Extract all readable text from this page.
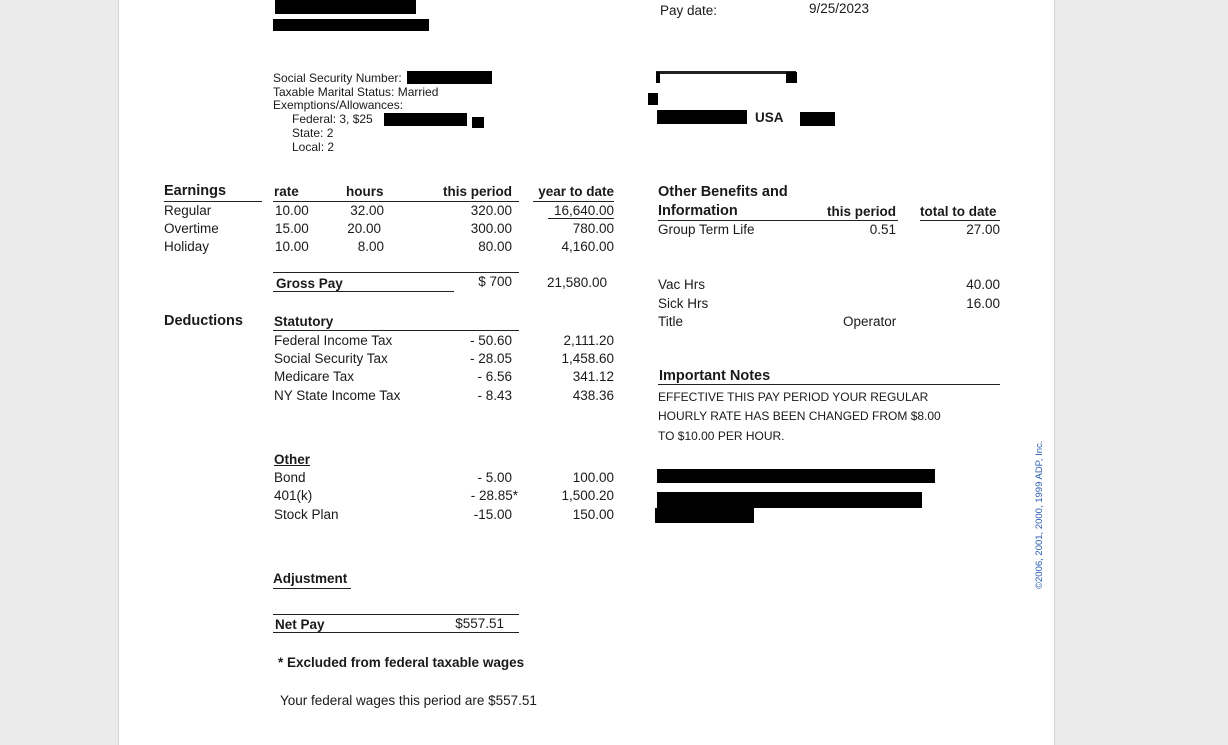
Pay date:	9/25/2023
Social Security Number:
Taxable Marital Status: Married
Exemptions/Allowances:
Federal: 3, $25
State: 2
Local: 2
USA
Earnings	rate	hours	this period	year to date
Regular	10.00	32.00	320.00	16,640.00
Overtime	15.00	20.00	300.00	780.00
Holiday	10.00	8.00	80.00	4,160.00
Gross Pay	$ 700	21,580.00
Deductions Statutory
Federal Income Tax	- 50.60	2,111.20
Social Security Tax	- 28.05	1,458.60
Medicare Tax	- 6.56	341.12
NY State Income Tax	- 8.43	438.36
Other
Bond	- 5.00	100.00
401(k)	- 28.85*	1,500.20
Stock Plan	-15.00	150.00
Adjustment
Net Pay	$557.51
* Excluded from federal taxable wages
Your federal wages this period are $557.51
Other Benefits and
Information	this period total to date
Group Term Life	0.51	27.00
Vac Hrs	40.00
Sick Hrs	16.00
Title	Operator
Important Notes
EFFECTIVE THIS PAY PERIOD YOUR REGULAR
HOURLY RATE HAS BEEN CHANGED FROM $8.00
TO $10.00 PER HOUR.
©2006, 2001, 2000, 1999 ADP, Inc.
